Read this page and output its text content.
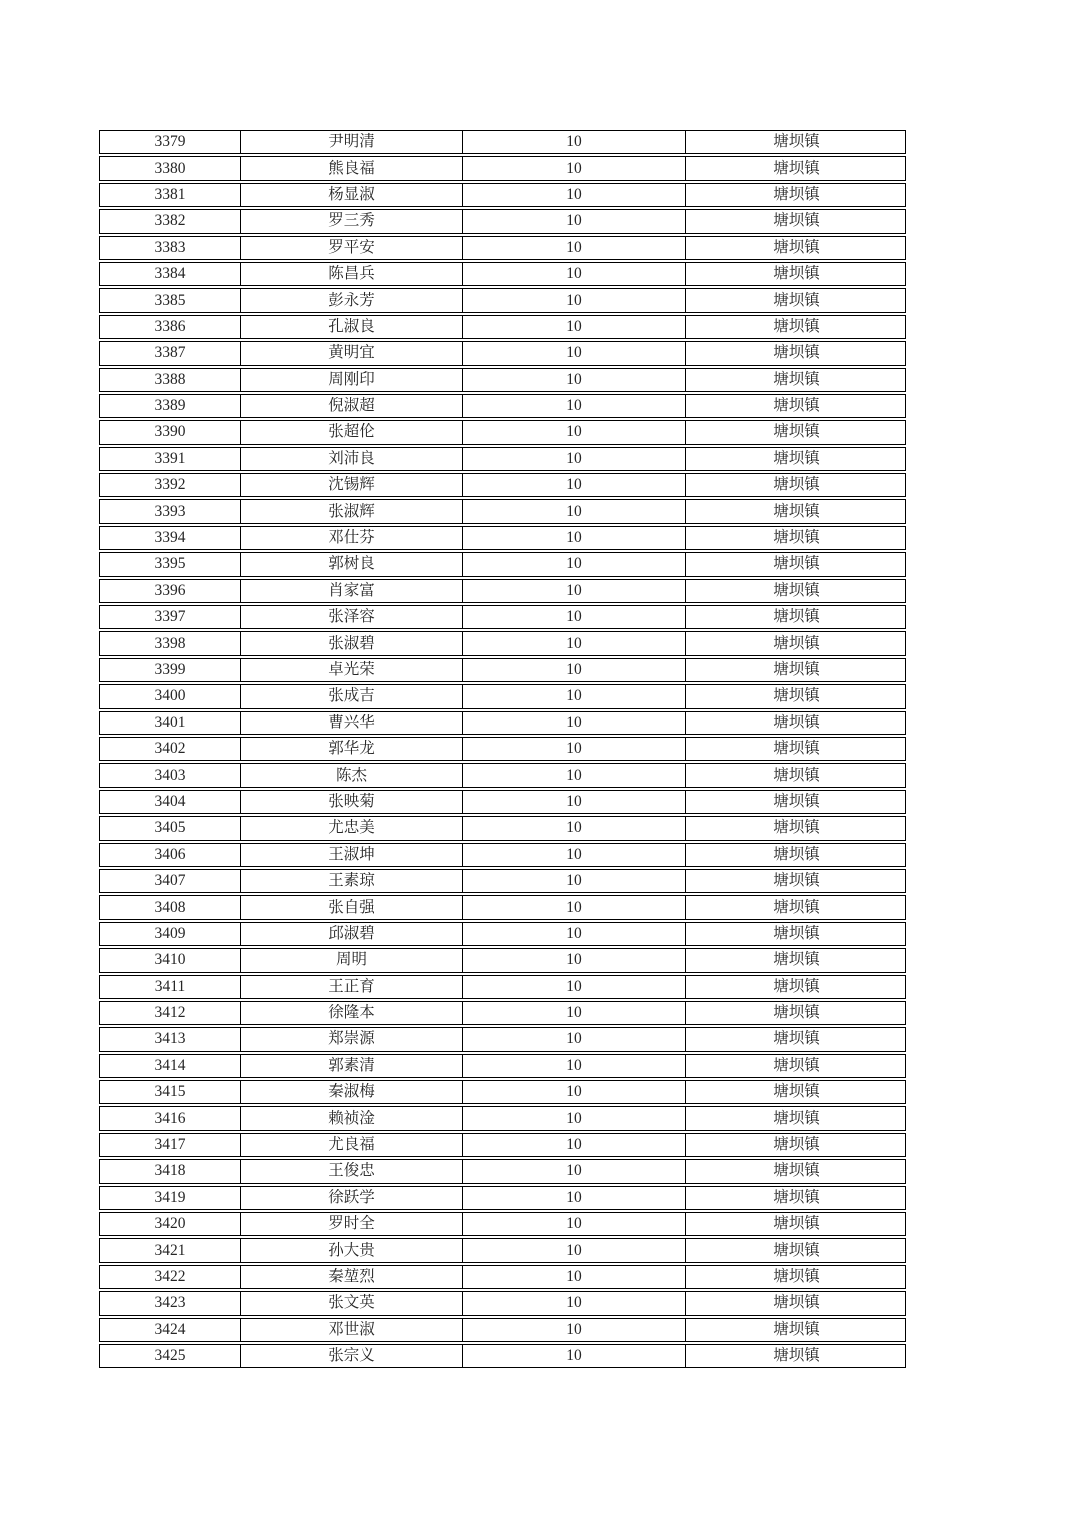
3379	尹明清	10	塘坝镇
3380	熊良福	10	塘坝镇
3381	杨显淑	10	塘坝镇
3382	罗三秀	10	塘坝镇
3383	罗平安	10	塘坝镇
3384	陈昌兵	10	塘坝镇
3385	彭永芳	10	塘坝镇
3386	孔淑良	10	塘坝镇
3387	黄明宜	10	塘坝镇
3388	周刚印	10	塘坝镇
3389	倪淑超	10	塘坝镇
3390	张超伦	10	塘坝镇
3391	刘沛良	10	塘坝镇
3392	沈锡辉	10	塘坝镇
3393	张淑辉	10	塘坝镇
3394	邓仕芬	10	塘坝镇
3395	郭树良	10	塘坝镇
3396	肖家富	10	塘坝镇
3397	张泽容	10	塘坝镇
3398	张淑碧	10	塘坝镇
3399	卓光荣	10	塘坝镇
3400	张成吉	10	塘坝镇
3401	曹兴华	10	塘坝镇
3402	郭华龙	10	塘坝镇
3403	陈杰	10	塘坝镇
3404	张映菊	10	塘坝镇
3405	尤忠美	10	塘坝镇
3406	王淑坤	10	塘坝镇
3407	王素琼	10	塘坝镇
3408	张自强	10	塘坝镇
3409	邱淑碧	10	塘坝镇
3410	周明	10	塘坝镇
3411	王正育	10	塘坝镇
3412	徐隆本	10	塘坝镇
3413	郑崇源	10	塘坝镇
3414	郭素清	10	塘坝镇
3415	秦淑梅	10	塘坝镇
3416	赖祯淦	10	塘坝镇
3417	尤良福	10	塘坝镇
3418	王俊忠	10	塘坝镇
3419	徐跃学	10	塘坝镇
3420	罗时全	10	塘坝镇
3421	孙大贵	10	塘坝镇
3422	秦堃烈	10	塘坝镇
3423	张文英	10	塘坝镇
3424	邓世淑	10	塘坝镇
3425	张宗义	10	塘坝镇
